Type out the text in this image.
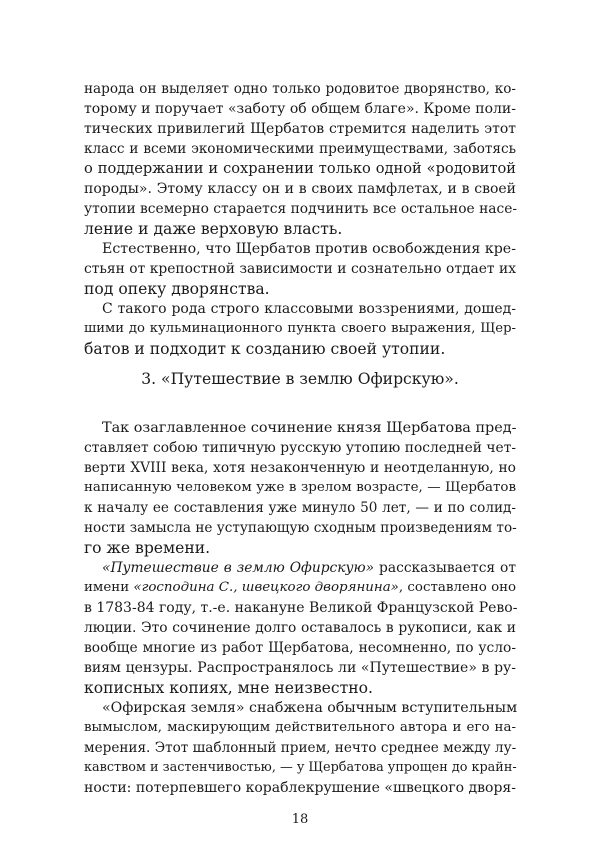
народа он выделяет одно только родовитое дворянство, ко-
торому и поручает «заботу об общем благе». Кроме поли-
тических привилегий Щербатов стремится наделить этот
класс и всеми экономическими преимуществами, заботясь
о поддержании и сохранении только одной «родовитой
породы». Этому классу он и в своих памфлетах, и в своей
утопии всемерно старается подчинить все остальное насе-
ление и даже верховую власть.
Естественно, что Щербатов против освобождения кре-
стьян от крепостной зависимости и сознательно отдает их
под опеку дворянства.
С такого рода строго классовыми воззрениями, дошед-
шими до кульминационного пункта своего выражения, Щер-
батов и подходит к созданию своей утопии.
3. «Путешествие в землю Офирскую».
Так озаглавленное сочинение князя Щербатова пред-
ставляет собою типичную русскую утопию последней чет-
верти XVIII века, хотя незаконченную и неотделанную, но
написанную человеком уже в зрелом возрасте, — Щербатов
к началу ее составления уже минуло 50 лет, — и по солид-
ности замысла не уступающую сходным произведениям то-
го же времени.
«Путешествие в землю Офирскую» рассказывается от
имени «господина С., швецкого дворянина», составлено оно
в 1783-84 году, т.-е. накануне Великой Французской Рево-
люции. Это сочинение долго оставалось в рукописи, как и
вообще многие из работ Щербатова, несомненно, по усло-
виям цензуры. Распространялось ли «Путешествие» в ру-
кописных копиях, мне неизвестно.
«Офирская земля» снабжена обычным вступительным
вымыслом, маскирующим действительного автора и его на-
мерения. Этот шаблонный прием, нечто среднее между лу-
кавством и застенчивостью, — у Щербатова упрощен до крайн-
ности: потерпевшего кораблекрушение «швецкого дворя-
18
